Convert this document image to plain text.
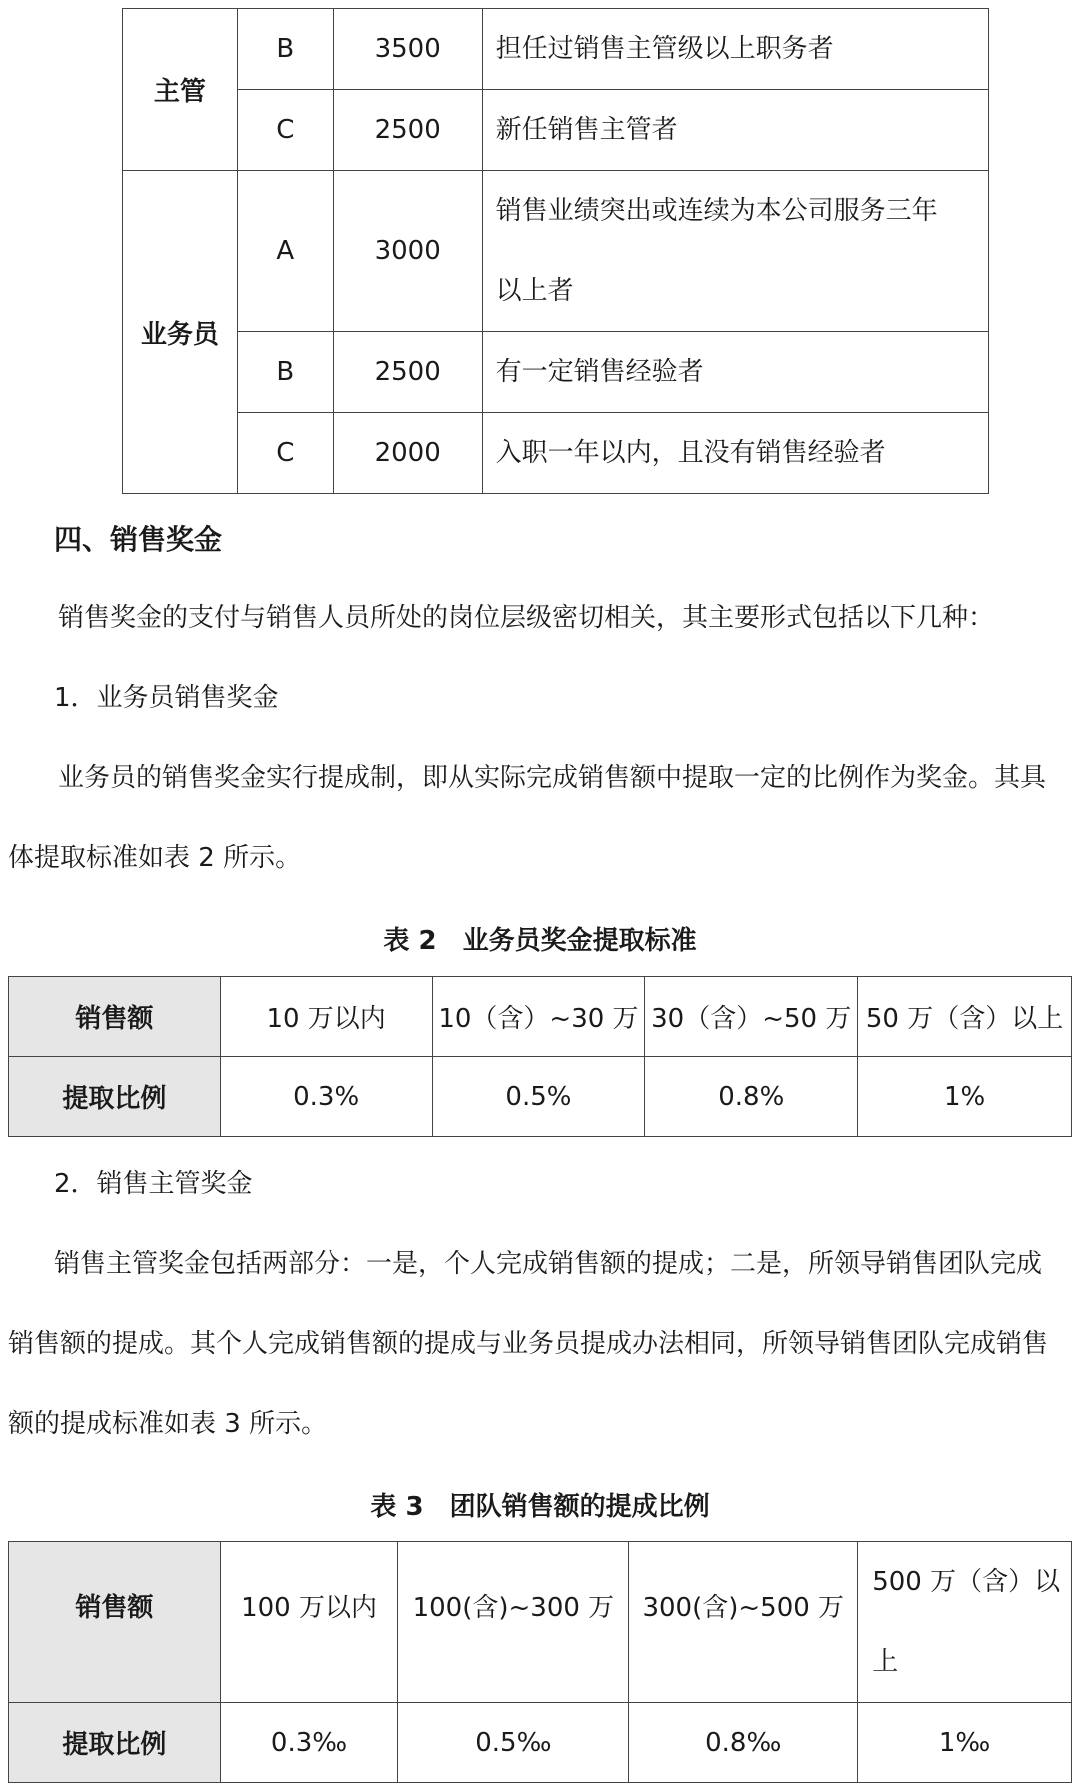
主管	B	3500	担任过销售主管级以上职务者
	C	2500	新任销售主管者
业务员	A	3000	销售业绩突出或连续为本公司服务三年
以上者

	B	2500	有一定销售经验者
	C	2000	入职一年以内，且没有销售经验者
四、销售奖金
销售奖金的支付与销售人员所处的岗位层级密切相关，其主要形式包括以下几种：
1．业务员销售奖金
业务员的销售奖金实行提成制，即从实际完成销售额中提取一定的比例作为奖金。其具
体提取标准如表 2 所示。
表 2　业务员奖金提取标准
销售额	10 万以内	10（含）~30 万	30（含）~50 万	50 万（含）以上
提取比例	0.3%	0.5%	0.8%	1%
2．销售主管奖金
销售主管奖金包括两部分：一是，个人完成销售额的提成；二是，所领导销售团队完成
销售额的提成。其个人完成销售额的提成与业务员提成办法相同，所领导销售团队完成销售
额的提成标准如表 3 所示。
表 3　团队销售额的提成比例
销售额	100 万以内	100(含)~300 万	300(含)~500 万	500 万（含）以
上

提取比例	0.3‰	0.5‰	0.8‰	1‰
